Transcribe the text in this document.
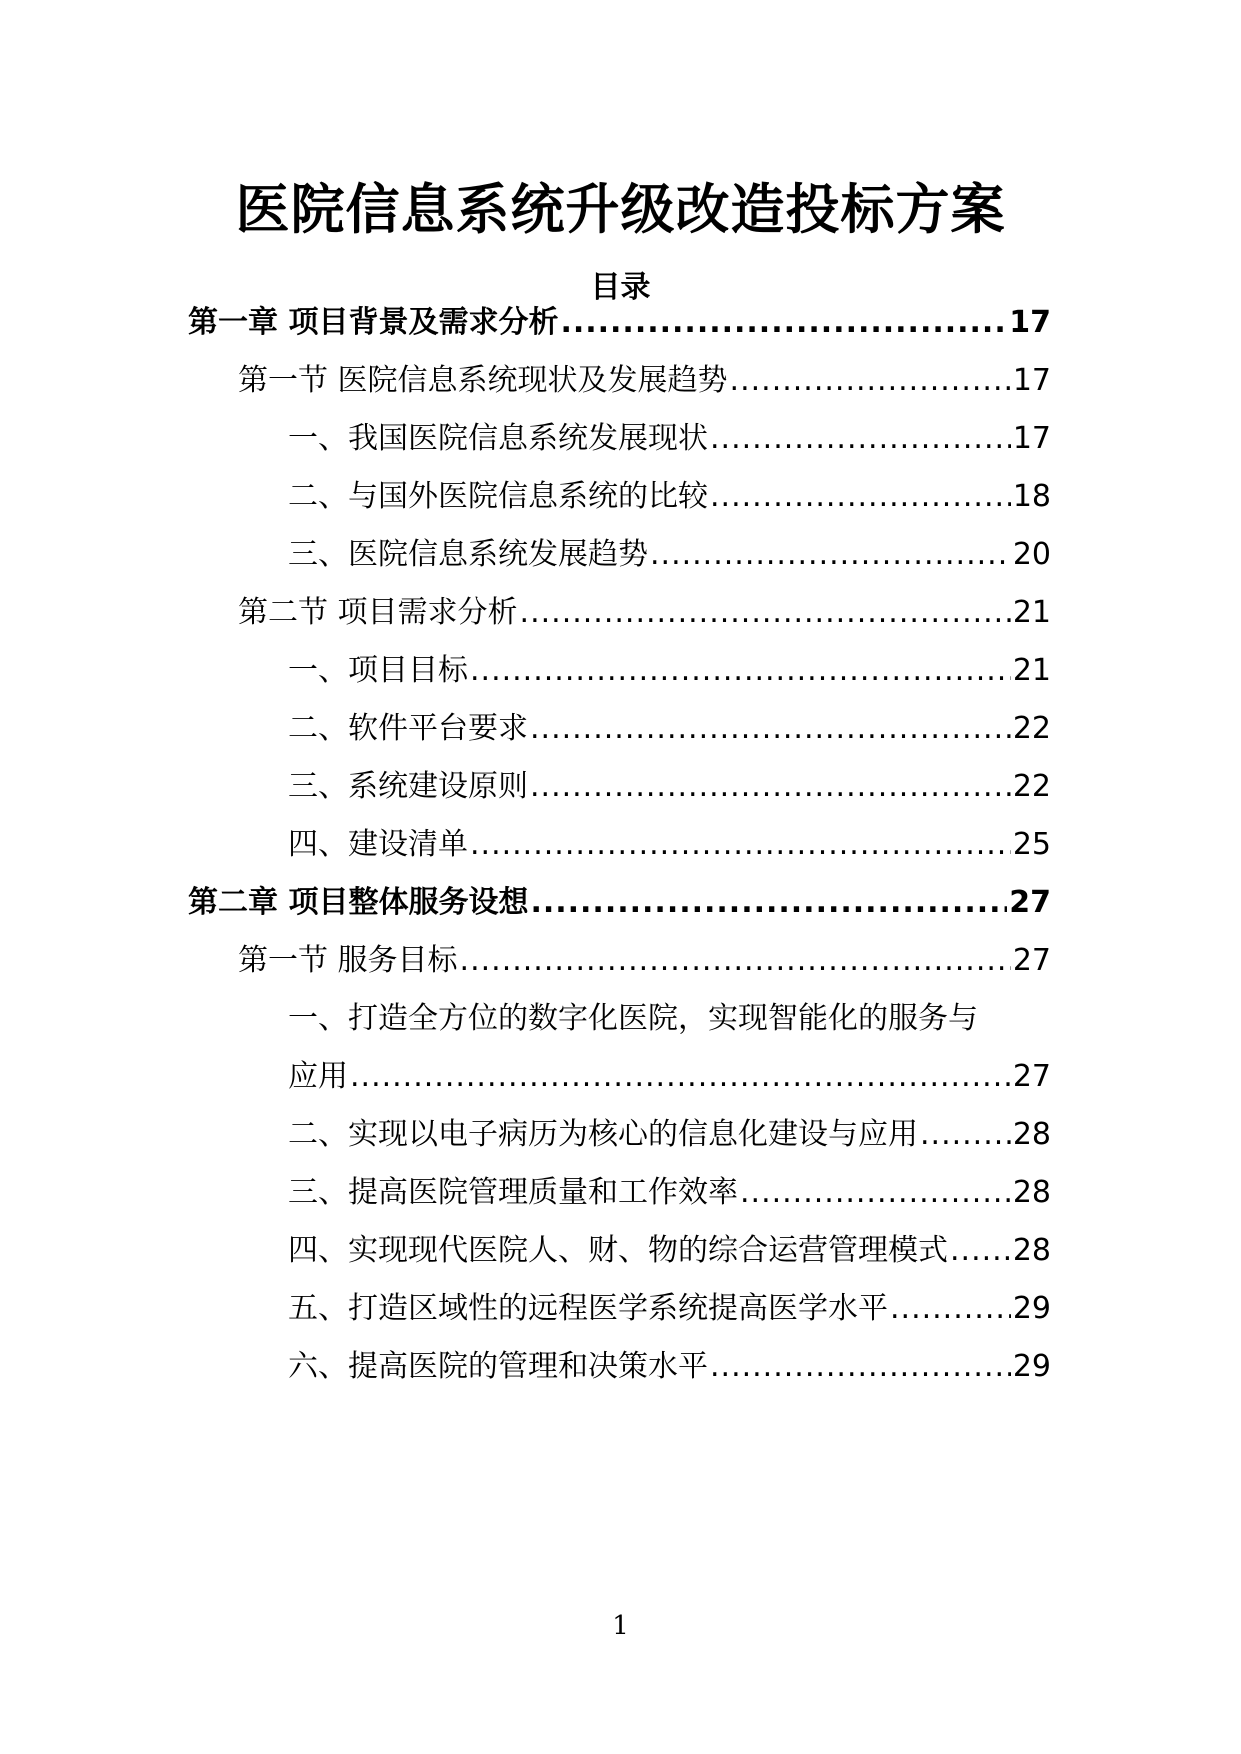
医院信息系统升级改造投标方案
目录
第一章 项目背景及需求分析 .....	17
第一节 医院信息系统现状及发展趋势 .....	17
一、我国医院信息系统发展现状 .....	17
二、与国外医院信息系统的比较 .....	18
三、医院信息系统发展趋势 .....	20
第二节 项目需求分析 .....	21
一、项目目标 .....	21
二、软件平台要求 .....	22
三、系统建设原则 .....	22
四、建设清单 .....	25
第二章 项目整体服务设想 .....	27
第一节 服务目标 .....	27
一、打造全方位的数字化医院，实现智能化的服务与
应用 .....	27
二、实现以电子病历为核心的信息化建设与应用 .....	28
三、提高医院管理质量和工作效率 .....	28
四、实现现代医院人、财、物的综合运营管理模式 ..... 28
五、打造区域性的远程医学系统提高医学水平 .....	29
六、提高医院的管理和决策水平 .....	29
1
